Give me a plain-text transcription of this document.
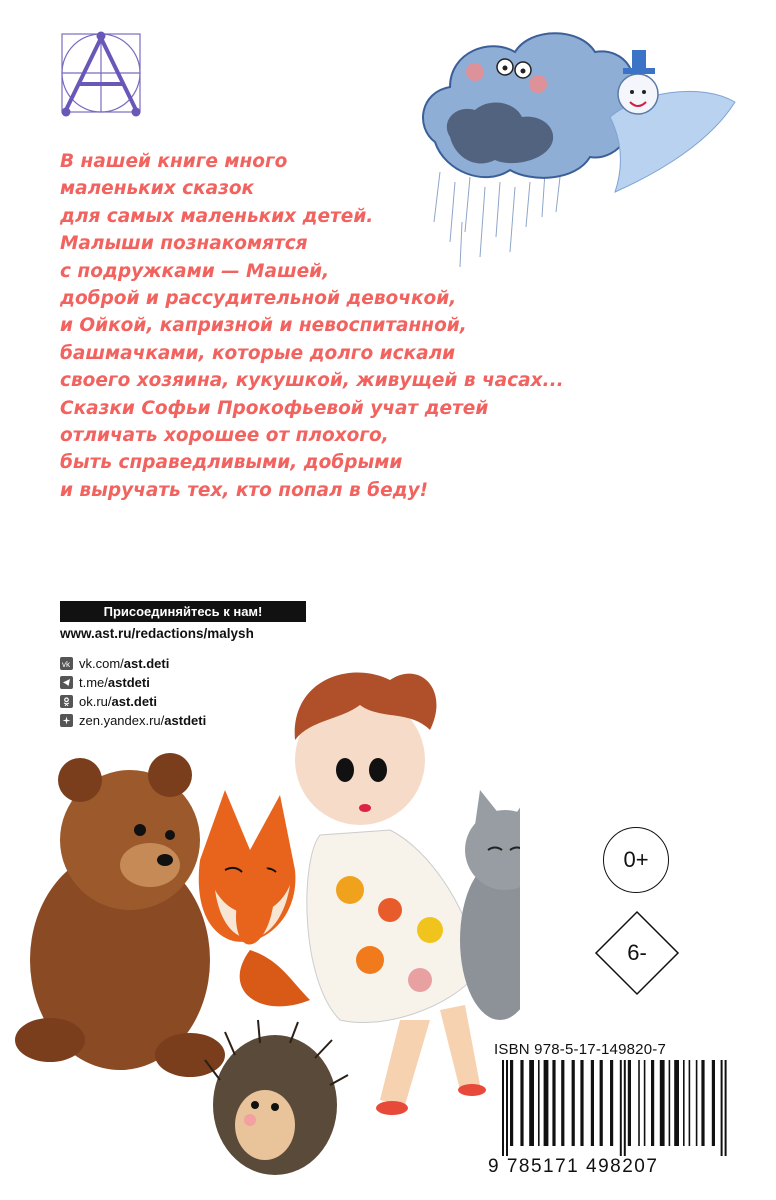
В нашей книге много
маленьких сказок
для самых маленьких детей.
Малыши познакомятся
с подружками — Машей,
доброй и рассудительной девочкой,
и Ойкой, капризной и невоспитанной,
башмачками, которые долго искали
своего хозяина, кукушкой, живущей в часах...
Сказки Софьи Прокофьевой учат детей
отличать хорошее от плохого,
быть справедливыми, добрыми
и выручать тех, кто попал в беду!
Присоединяйтесь к нам!
www.ast.ru/redactions/malysh
vk vk.com/ ast.deti
t.me/ astdeti
ok.ru/ ast.deti
zen.yandex.ru/ astdeti
0+
6-
ISBN 978-5-17-149820-7
9 785171 498207
